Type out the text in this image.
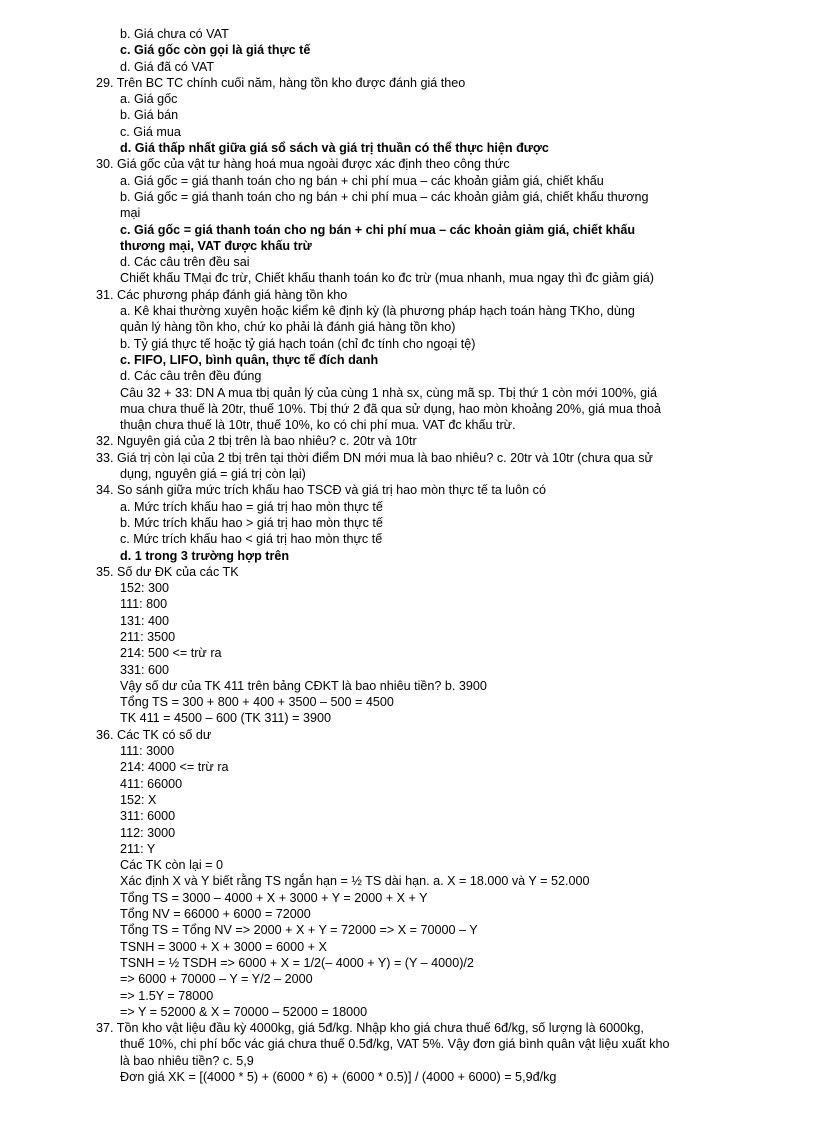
b. Giá chưa có VAT
c. Giá gốc còn gọi là giá thực tế
d. Giá đã có VAT
29. Trên BC TC chính cuối năm, hàng tồn kho được đánh giá theo
a. Giá gốc
b. Giá bán
c. Giá mua
d. Giá thấp nhất giữa giá sổ sách và giá trị thuần có thể thực hiện được
30. Giá gốc của vật tư hàng hoá mua ngoài được xác định theo công thức
a. Giá gốc = giá thanh toán cho ng bán + chi phí mua – các khoản giảm giá, chiết khấu
b. Giá gốc = giá thanh toán cho ng bán + chi phí mua – các khoản giảm giá, chiết khấu thương
mại
c. Giá gốc = giá thanh toán cho ng bán + chi phí mua – các khoản giảm giá, chiết khấu
thương mại, VAT được khấu trừ
d. Các câu trên đều sai
Chiết khấu TMại đc trừ, Chiết khấu thanh toán ko đc trừ (mua nhanh, mua ngay thì đc giảm giá)
31. Các phương pháp đánh giá hàng tồn kho
a. Kê khai thường xuyên hoặc kiểm kê định kỳ (là phương pháp hạch toán hàng TKho, dùng
quản lý hàng tồn kho, chứ ko phải là đánh giá hàng tồn kho)
b. Tỷ giá thực tế hoặc tỷ giá hạch toán (chỉ đc tính cho ngoại tệ)
c. FIFO, LIFO, bình quân, thực tế đích danh
d. Các câu trên đều đúng
Câu 32 + 33: DN A mua tbị quản lý của cùng 1 nhà sx, cùng mã sp. Tbị thứ 1 còn mới 100%, giá
mua chưa thuế là 20tr, thuế 10%. Tbị thứ 2 đã qua sử dụng, hao mòn khoảng 20%, giá mua thoả
thuận chưa thuế là 10tr, thuế 10%, ko có chi phí mua. VAT đc khấu trừ.
32. Nguyên giá của 2 tbị trên là bao nhiêu? c. 20tr và 10tr
33. Giá trị còn lại của 2 tbị trên tại thời điểm DN mới mua là bao nhiêu? c. 20tr và 10tr (chưa qua sử
dụng, nguyên giá = giá trị còn lại)
34. So sánh giữa mức trích khấu hao TSCĐ và giá trị hao mòn thực tế ta luôn có
a. Mức trích khấu hao = giá trị hao mòn thực tế
b. Mức trích khấu hao > giá trị hao mòn thực tế
c. Mức trích khấu hao < giá trị hao mòn thực tế
d. 1 trong 3 trường hợp trên
35. Số dư ĐK của các TK
152: 300
111: 800
131: 400
211: 3500
214: 500 <= trừ ra
331: 600
Vậy số dư của TK 411 trên bảng CĐKT là bao nhiêu tiền? b. 3900
Tổng TS = 300 + 800 + 400 + 3500 – 500 = 4500
TK 411 = 4500 – 600 (TK 311) = 3900
36. Các TK có số dư
111: 3000
214: 4000 <= trừ ra
411: 66000
152: X
311: 6000
112: 3000
211: Y
Các TK còn lại = 0
Xác định X và Y biết rằng TS ngắn hạn = ½ TS dài hạn. a. X = 18.000 và Y = 52.000
Tổng TS = 3000 – 4000 + X + 3000 + Y = 2000 + X + Y
Tổng NV = 66000 + 6000 = 72000
Tổng TS = Tổng NV => 2000 + X + Y = 72000 => X = 70000 – Y
TSNH = 3000 + X + 3000 = 6000 + X
TSNH = ½ TSDH => 6000 + X = 1/2(– 4000 + Y) = (Y – 4000)/2
=> 6000 + 70000 – Y = Y/2 – 2000
=> 1.5Y = 78000
=> Y = 52000 & X = 70000 – 52000 = 18000
37. Tồn kho vật liệu đầu kỳ 4000kg, giá 5đ/kg. Nhập kho giá chưa thuế 6đ/kg, số lượng là 6000kg,
thuế 10%, chi phí bốc vác giá chưa thuế 0.5đ/kg, VAT 5%. Vậy đơn giá bình quân vật liệu xuất kho
là bao nhiêu tiền? c. 5,9
Đơn giá XK = [(4000 * 5) + (6000 * 6) + (6000 * 0.5)] / (4000 + 6000) = 5,9đ/kg
